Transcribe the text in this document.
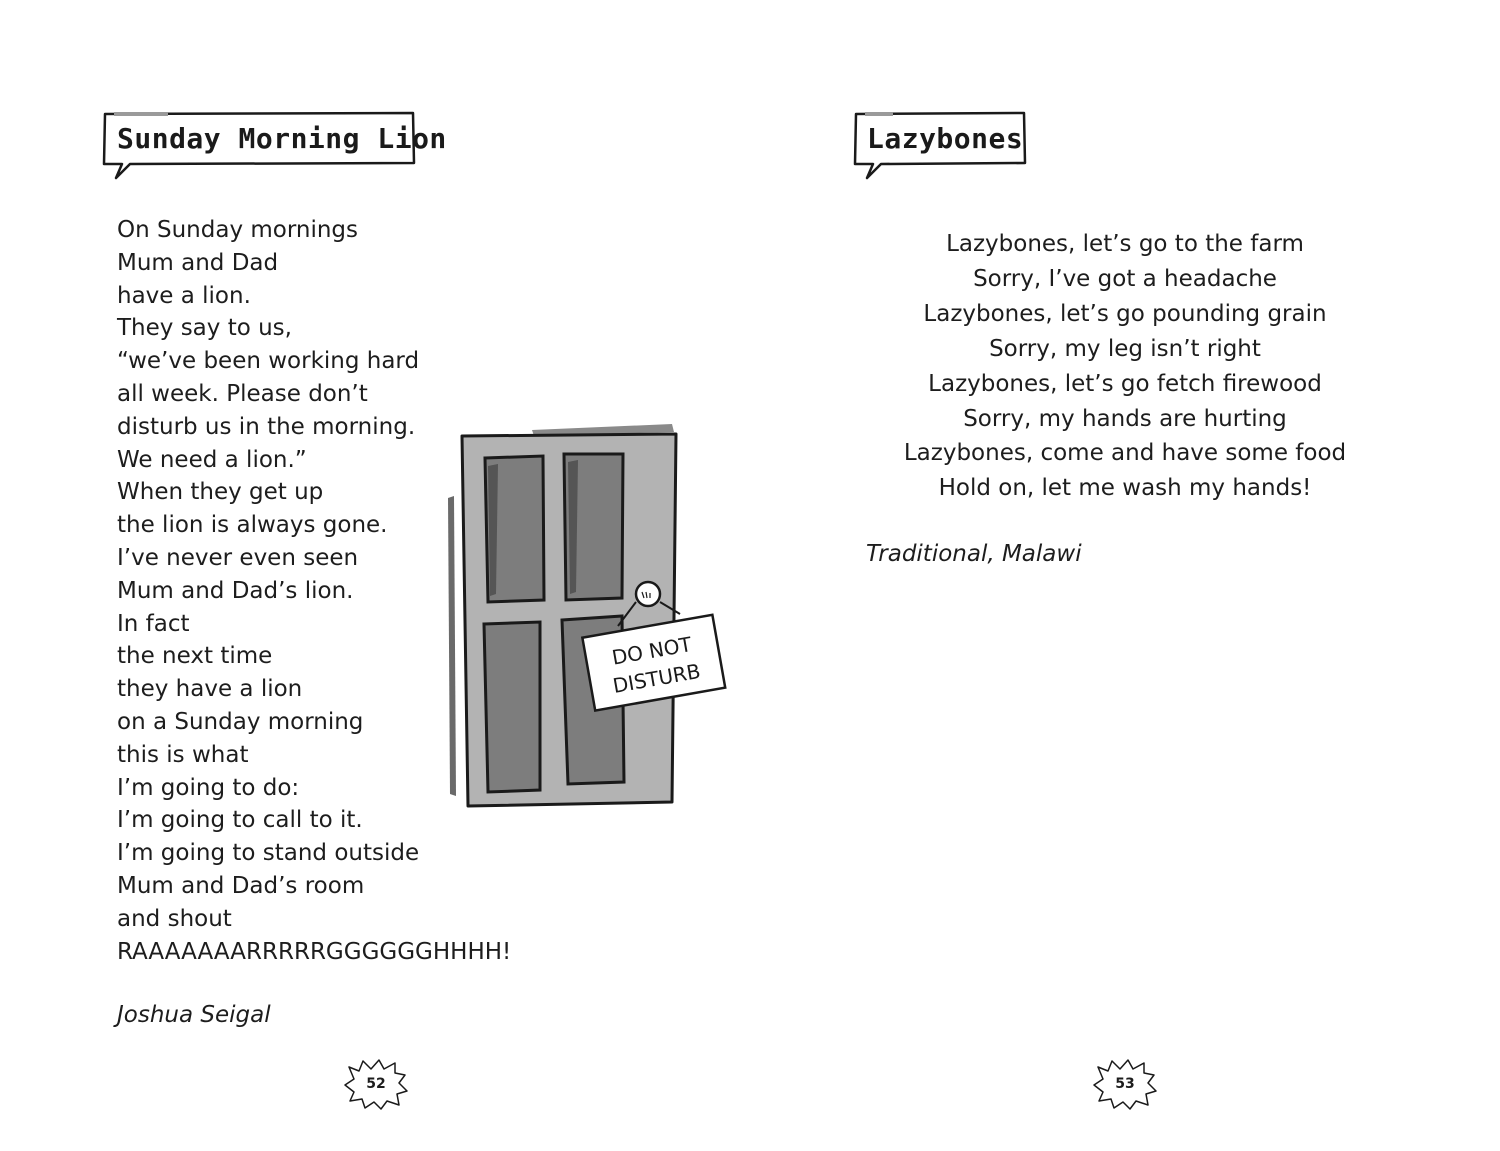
Sunday Morning Lion
On Sunday mornings
Mum and Dad
have a lion.
They say to us,
“we’ve been working hard
all week. Please don’t
disturb us in the morning.
We need a lion.”
When they get up
the lion is always gone.
I’ve never even seen
Mum and Dad’s lion.
In fact
the next time
they have a lion
on a Sunday morning
this is what
I’m going to do:
I’m going to call to it.
I’m going to stand outside
Mum and Dad’s room
and shout
RAAAAAAARRRRRGGGGGGHHHH!
DO NOT
DISTURB
Joshua Seigal
52
Lazybones
Lazybones, let’s go to the farm
Sorry, I’ve got a headache
Lazybones, let’s go pounding grain
Sorry, my leg isn’t right
Lazybones, let’s go fetch firewood
Sorry, my hands are hurting
Lazybones, come and have some food
Hold on, let me wash my hands!
Traditional, Malawi
53
